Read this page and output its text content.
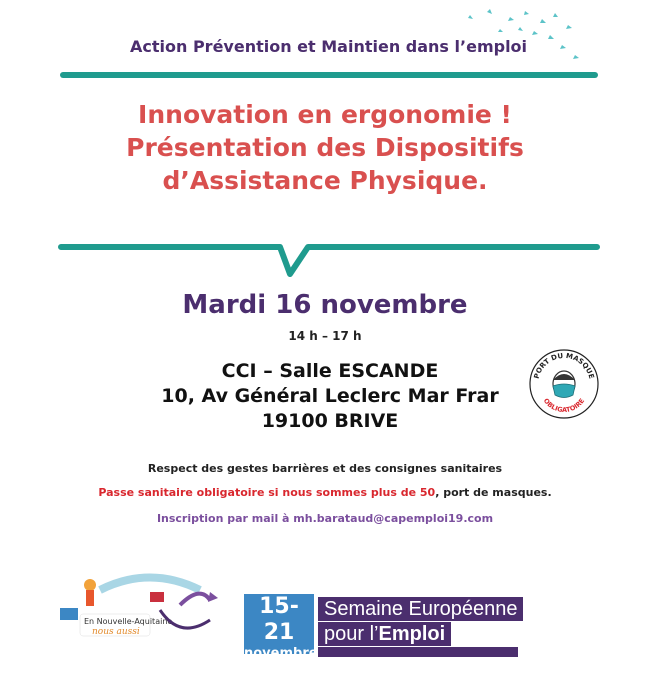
Action Prévention et Maintien dans l’emploi
Innovation en ergonomie !
Présentation des Dispositifs
d’Assistance Physique.
Mardi 16 novembre
14 h – 17 h
CCI – Salle ESCANDE
10, Av Général Leclerc Mar Frar
19100 BRIVE
PORT DU MASQUE
OBLIGATOIRE
Respect des gestes barrières et des consignes sanitaires
Passe sanitaire obligatoire si nous sommes plus de 50, port de masques.
Inscription par mail à mh.barataud@capemploi19.com
En Nouvelle-Aquitaine
nous aussi
15-21
novembre
2021
Semaine Européenne
pour l’Emploi
